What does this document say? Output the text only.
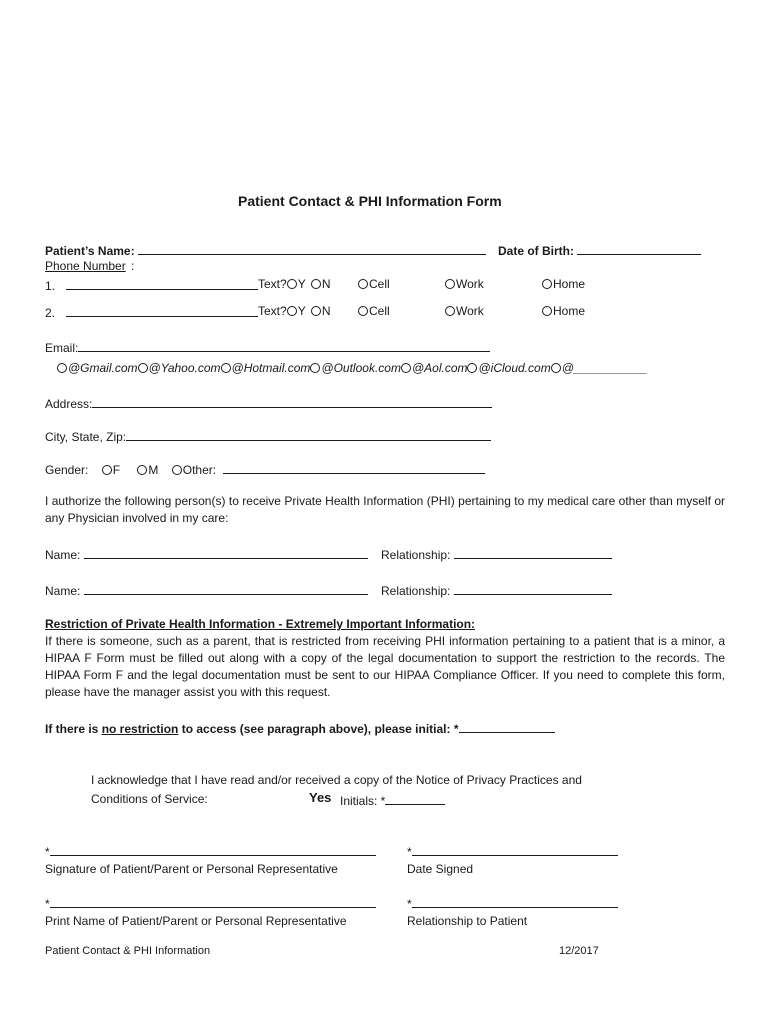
Patient Contact & PHI Information Form
Patient’s Name:	Date of Birth:
Phone Number :
1.	Text? Y N	Cell	Work	Home
2.	Text? Y N	Cell	Work	Home
Email:
@Gmail.com @Yahoo.com @Hotmail.com @Outlook.com @Aol.com @iCloud.com @___________
Address:
City, State, Zip:
Gender: F M Other:
I authorize the following person(s) to receive Private Health Information (PHI) pertaining to my medical care other than myself or any Physician involved in my care:
Name:	Relationship:
Name:	Relationship:
Restriction of Private Health Information - Extremely Important Information:
If there is someone, such as a parent, that is restricted from receiving PHI information pertaining to a patient that is a minor, a HIPAA F Form must be filled out along with a copy of the legal documentation to support the restriction to the records. The HIPAA Form F and the legal documentation must be sent to our HIPAA Compliance Officer. If you need to complete this form, please have the manager assist you with this request.
If there is no restriction to access (see paragraph above), please initial: *
I acknowledge that I have read and/or received a copy of the Notice of Privacy Practices and
Conditions of Service:	Yes Initials: *
*
Signature of Patient/Parent or Personal Representative
*
Date Signed
*
Print Name of Patient/Parent or Personal Representative
*
Relationship to Patient
Patient Contact & PHI Information	12/2017
